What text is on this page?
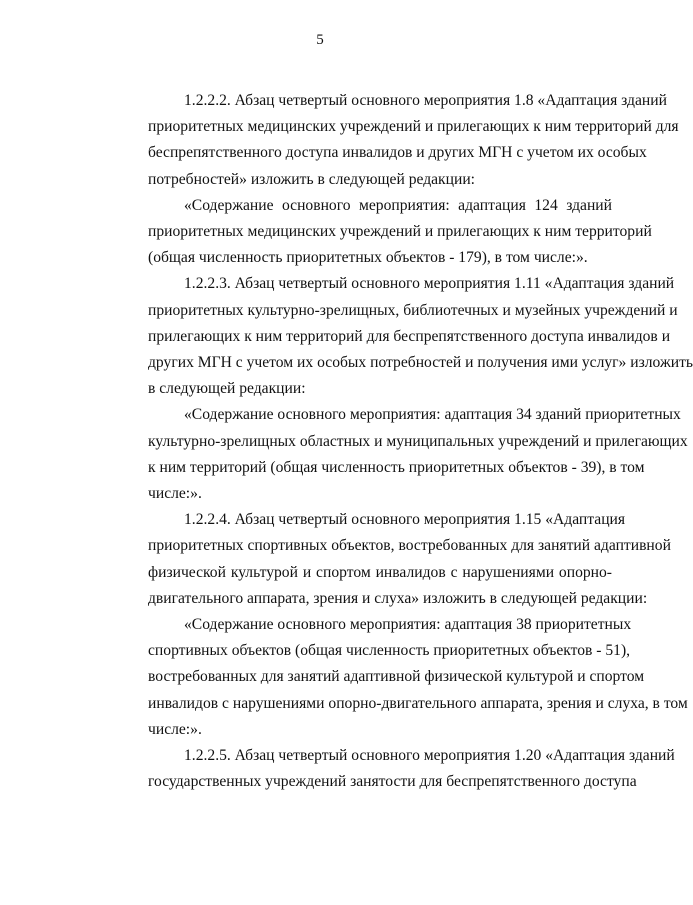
5
1.2.2.2. Абзац четвертый основного мероприятия 1.8 «Адаптация зданий
приоритетных медицинских учреждений и прилегающих к ним территорий для
беспрепятственного доступа инвалидов и других МГН с учетом их особых
потребностей» изложить в следующей редакции:
«Содержание основного мероприятия: адаптация 124 зданий
приоритетных медицинских учреждений и прилегающих к ним территорий
(общая численность приоритетных объектов - 179), в том числе:».
1.2.2.3. Абзац четвертый основного мероприятия 1.11 «Адаптация зданий
приоритетных культурно-зрелищных, библиотечных и музейных учреждений и
прилегающих к ним территорий для беспрепятственного доступа инвалидов и
других МГН с учетом их особых потребностей и получения ими услуг» изложить
в следующей редакции:
«Содержание основного мероприятия: адаптация 34 зданий приоритетных
культурно-зрелищных областных и муниципальных учреждений и прилегающих
к ним территорий (общая численность приоритетных объектов - 39), в том
числе:».
1.2.2.4. Абзац четвертый основного мероприятия 1.15 «Адаптация
приоритетных спортивных объектов, востребованных для занятий адаптивной
физической культурой и спортом инвалидов с нарушениями опорно-
двигательного аппарата, зрения и слуха» изложить в следующей редакции:
«Содержание основного мероприятия: адаптация 38 приоритетных
спортивных объектов (общая численность приоритетных объектов - 51),
востребованных для занятий адаптивной физической культурой и спортом
инвалидов с нарушениями опорно-двигательного аппарата, зрения и слуха, в том
числе:».
1.2.2.5. Абзац четвертый основного мероприятия 1.20 «Адаптация зданий
государственных учреждений занятости для беспрепятственного доступа
